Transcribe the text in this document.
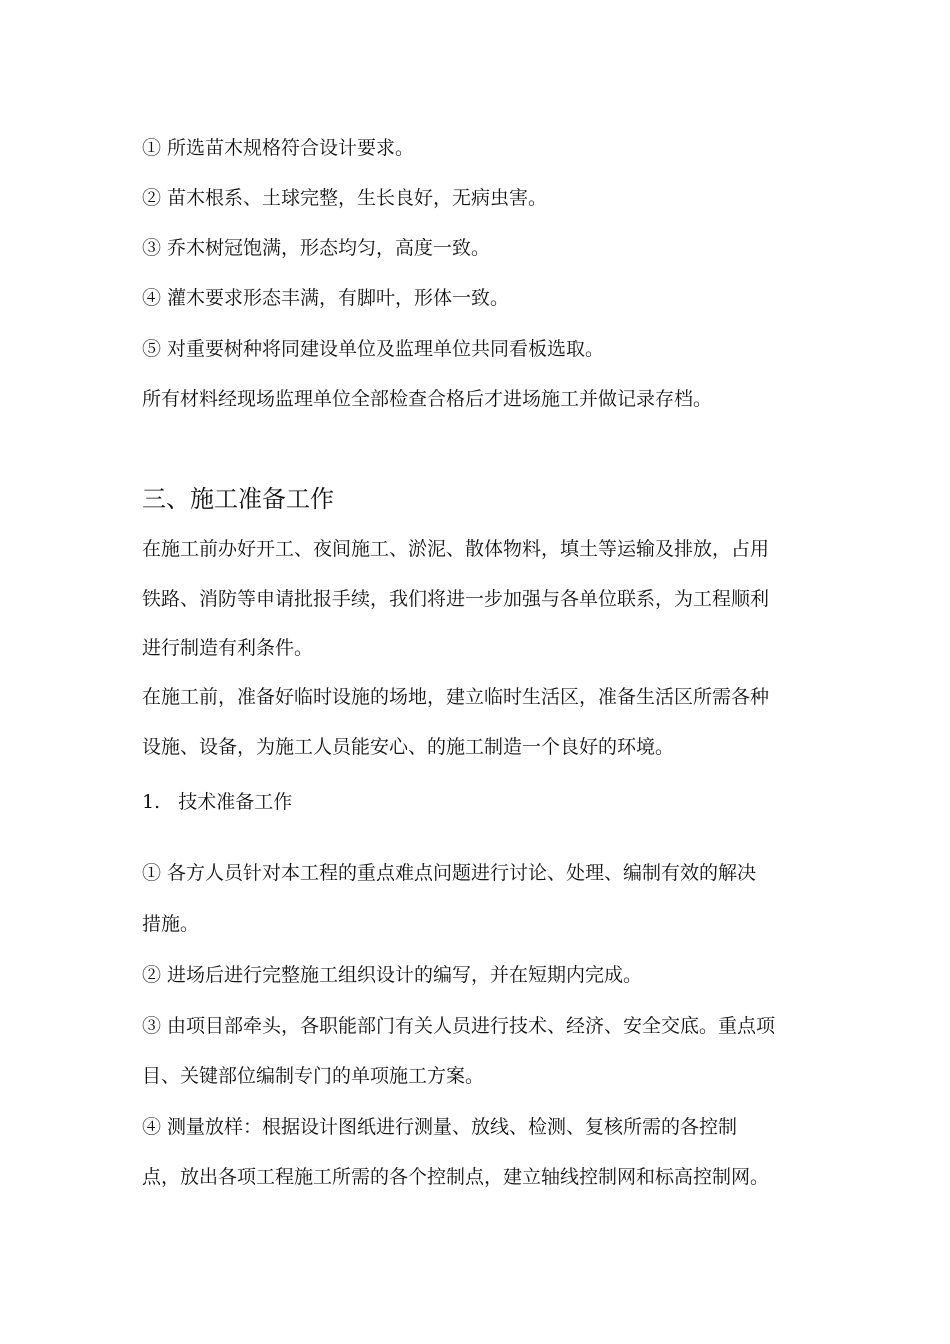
① 所选苗木规格符合设计要求。
② 苗木根系、土球完整，生长良好，无病虫害。
③ 乔木树冠饱满，形态均匀，高度一致。
④ 灌木要求形态丰满，有脚叶，形体一致。
⑤ 对重要树种将同建设单位及监理单位共同看板选取。
所有材料经现场监理单位全部检查合格后才进场施工并做记录存档。
三、施工准备工作
在施工前办好开工、夜间施工、淤泥、散体物料，填土等运输及排放，占用
铁路、消防等申请批报手续，我们将进一步加强与各单位联系，为工程顺利
进行制造有利条件。
在施工前，准备好临时设施的场地，建立临时生活区，准备生活区所需各种
设施、设备，为施工人员能安心、的施工制造一个良好的环境。
1.   技术准备工作
① 各方人员针对本工程的重点难点问题进行讨论、处理、编制有效的解决
措施。
② 进场后进行完整施工组织设计的编写，并在短期内完成。
③ 由项目部牵头，各职能部门有关人员进行技术、经济、安全交底。重点项
目、关键部位编制专门的单项施工方案。
④ 测量放样：根据设计图纸进行测量、放线、检测、复核所需的各控制
点，放出各项工程施工所需的各个控制点，建立轴线控制网和标高控制网。
